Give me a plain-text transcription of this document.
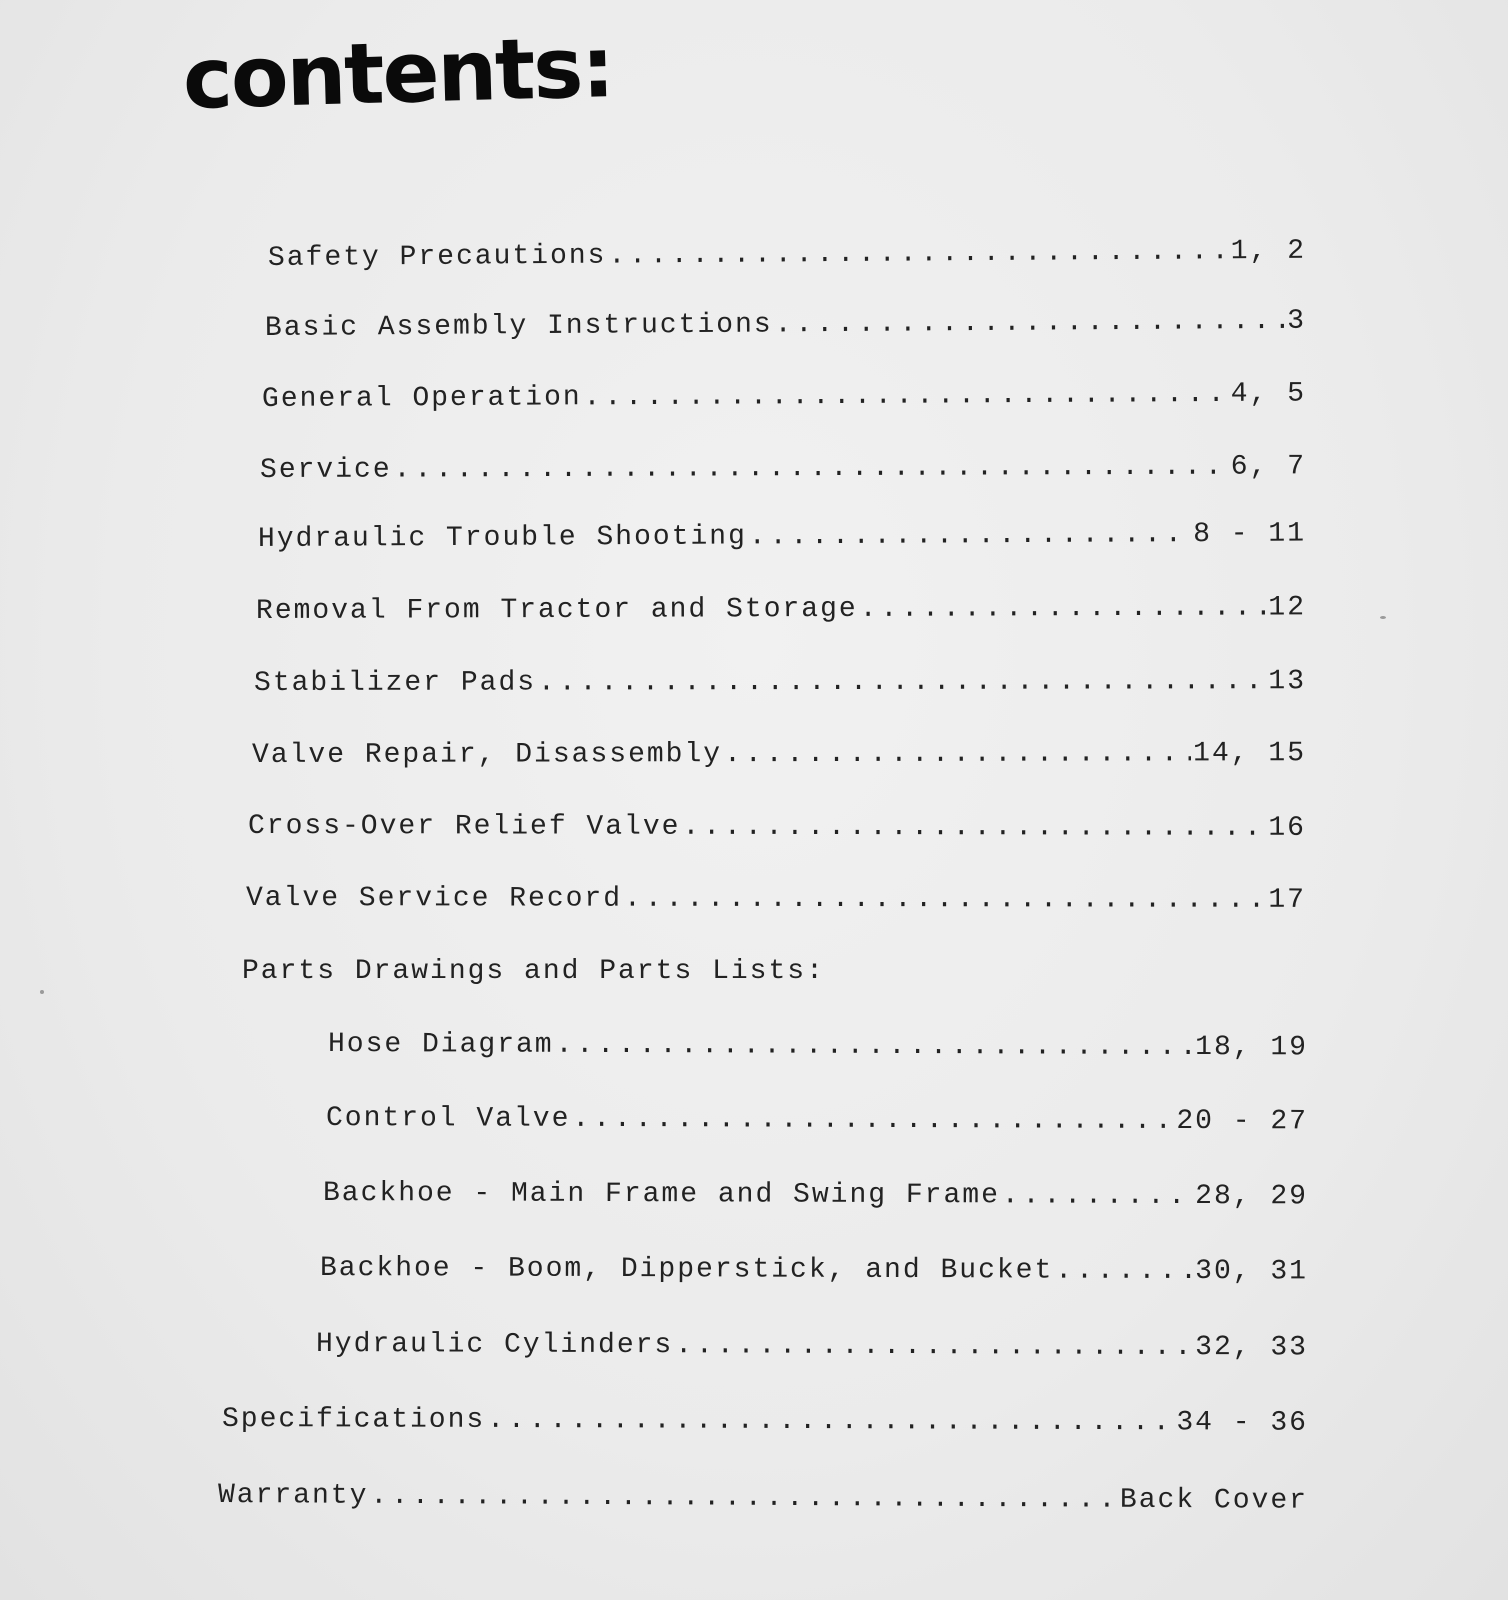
contents:
Safety Precautions .....	1, 2
Basic Assembly Instructions .....	3
General Operation .....	4, 5
Service .....	6, 7
Hydraulic Trouble Shooting .....	8 - 11
Removal From Tractor and Storage .....	12
Stabilizer Pads .....	13
Valve Repair, Disassembly .....	14, 15
Cross-Over Relief Valve .....	16
Valve Service Record .....	17
Parts Drawings and Parts Lists:
Hose Diagram .....	18, 19
Control Valve .....	20 - 27
Backhoe - Main Frame and Swing Frame .....	28, 29
Backhoe - Boom, Dipperstick, and Bucket .....	30, 31
Hydraulic Cylinders .....	32, 33
Specifications .....	34 - 36
Warranty .....	Back Cover
